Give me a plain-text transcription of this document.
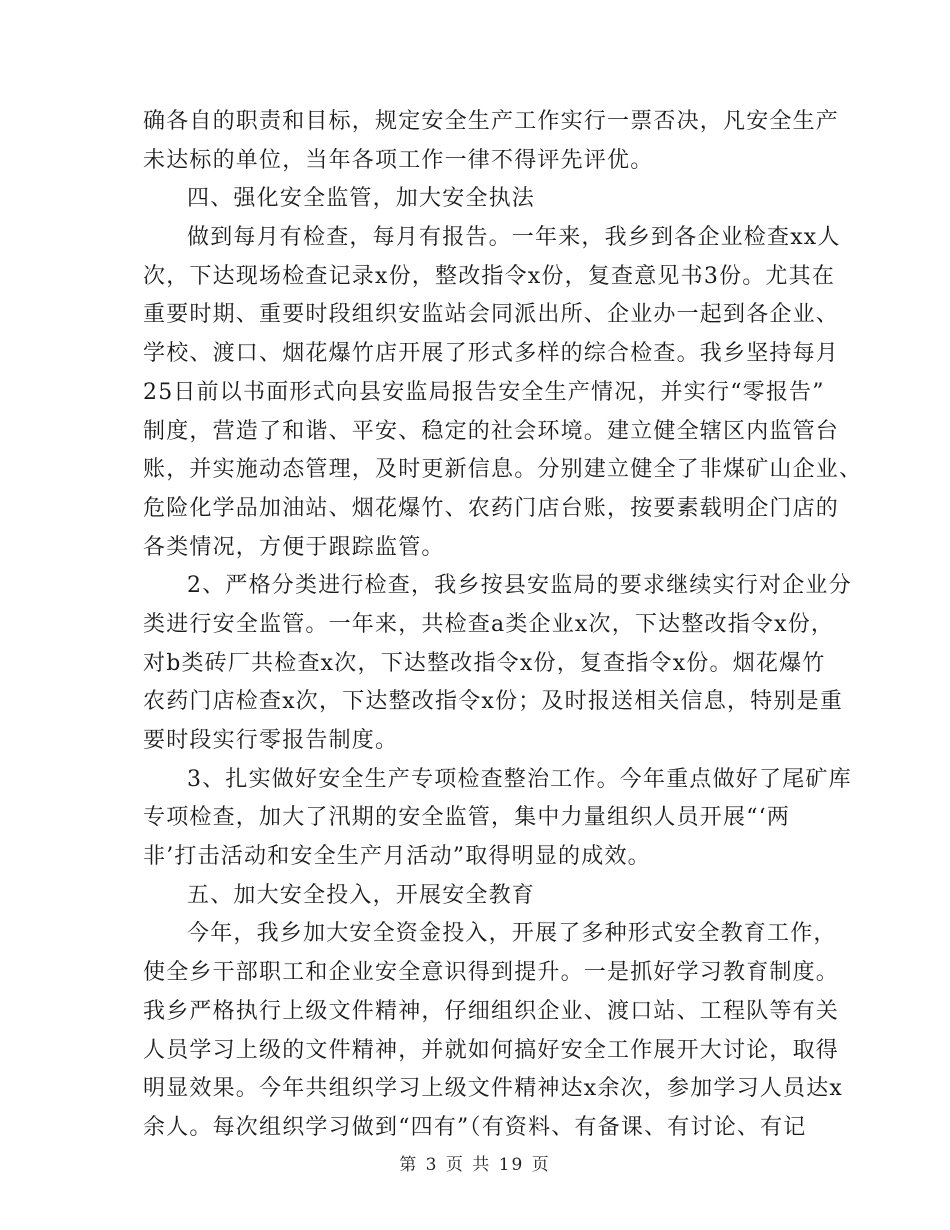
确各自的职责和目标，规定安全生产工作实行一票否决，凡安全生产
未达标的单位，当年各项工作一律不得评先评优。
四、强化安全监管，加大安全执法
做到每月有检查，每月有报告。一年来，我乡到各企业检查xx人
次，下达现场检查记录x份，整改指令x份，复查意见书3份。尤其在
重要时期、重要时段组织安监站会同派出所、企业办一起到各企业、
学校、渡口、烟花爆竹店开展了形式多样的综合检查。我乡坚持每月
25日前以书面形式向县安监局报告安全生产情况，并实行“零报告”
制度，营造了和谐、平安、稳定的社会环境。建立健全辖区内监管台
账，并实施动态管理，及时更新信息。分别建立健全了非煤矿山企业、
危险化学品加油站、烟花爆竹、农药门店台账，按要素载明企门店的
各类情况，方便于跟踪监管。
2、严格分类进行检查，我乡按县安监局的要求继续实行对企业分
类进行安全监管。一年来，共检查a类企业x次，下达整改指令x份，
对b类砖厂共检查x次，下达整改指令x份，复查指令x份。烟花爆竹
农药门店检查x次，下达整改指令x份；及时报送相关信息，特别是重
要时段实行零报告制度。
3、扎实做好安全生产专项检查整治工作。今年重点做好了尾矿库
专项检查，加大了汛期的安全监管，集中力量组织人员开展“‘两
非’打击活动和安全生产月活动”取得明显的成效。
五、加大安全投入，开展安全教育
今年，我乡加大安全资金投入，开展了多种形式安全教育工作，
使全乡干部职工和企业安全意识得到提升。一是抓好学习教育制度。
我乡严格执行上级文件精神，仔细组织企业、渡口站、工程队等有关
人员学习上级的文件精神，并就如何搞好安全工作展开大讨论，取得
明显效果。今年共组织学习上级文件精神达x余次，参加学习人员达x
余人。每次组织学习做到“四有”（有资料、有备课、有讨论、有记
第 3 页 共 19 页
